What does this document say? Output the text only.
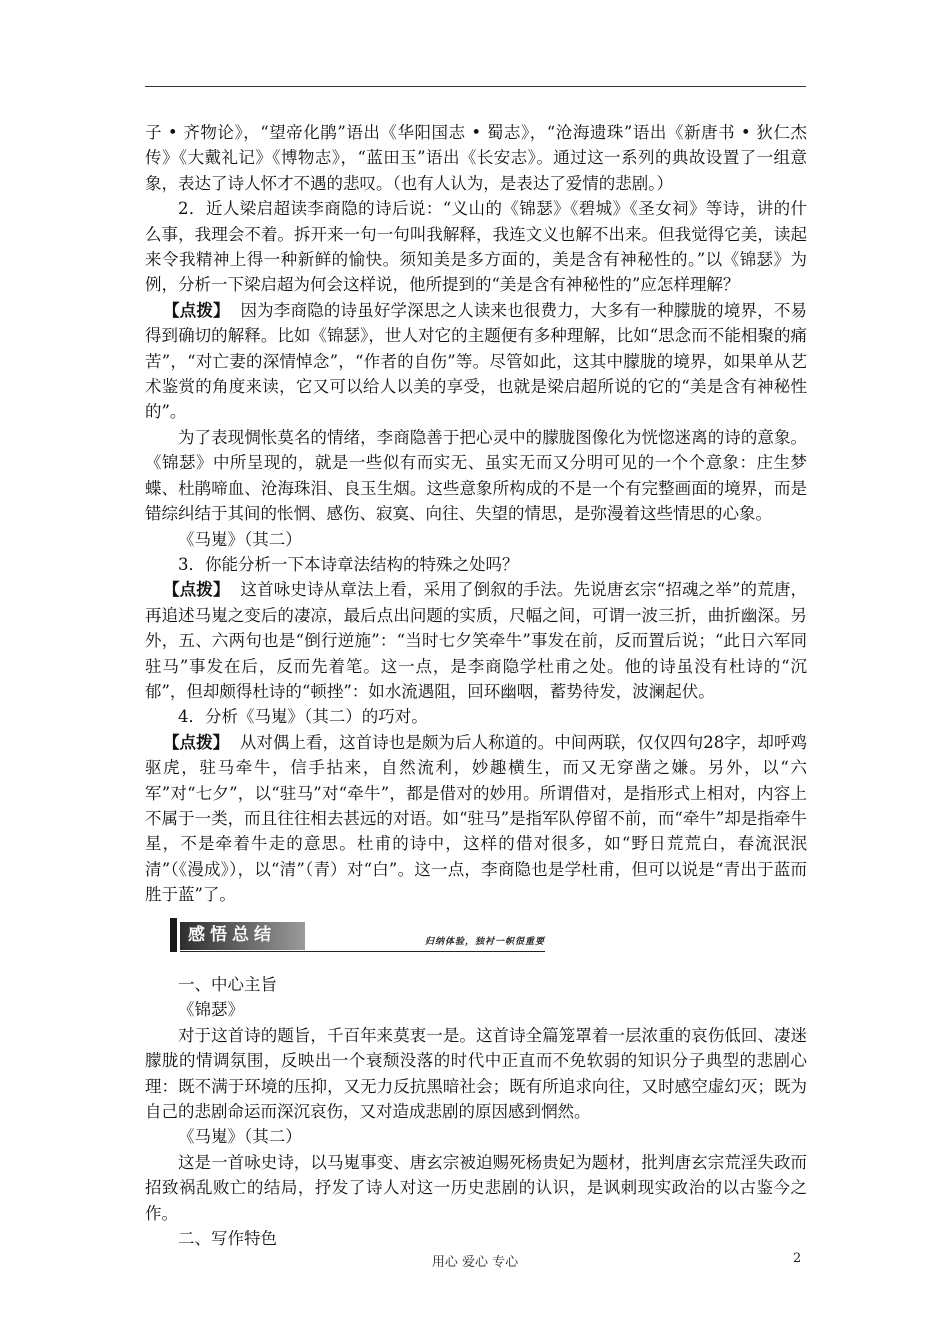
子 • 齐物论》，“望帝化鹃”语出《华阳国志 • 蜀志》，“沧海遗珠”语出《新唐书 • 狄仁杰传》《大戴礼记》《博物志》，“蓝田玉”语出《长安志》。通过这一系列的典故设置了一组意象，表达了诗人怀才不遇的悲叹。（也有人认为，是表达了爱情的悲剧。）

2．近人梁启超读李商隐的诗后说：“义山的《锦瑟》《碧城》《圣女祠》等诗，讲的什么事，我理会不着。拆开来一句一句叫我解释，我连文义也解不出来。但我觉得它美，读起来令我精神上得一种新鲜的愉快。须知美是多方面的，美是含有神秘性的。”以《锦瑟》为例，分析一下梁启超为何会这样说，他所提到的“美是含有神秘性的”应怎样理解？

【点拨】 因为李商隐的诗虽好学深思之人读来也很费力，大多有一种朦胧的境界，不易得到确切的解释。比如《锦瑟》，世人对它的主题便有多种理解，比如“思念而不能相聚的痛苦”，“对亡妻的深情悼念”，“作者的自伤”等。尽管如此，这其中朦胧的境界，如果单从艺术鉴赏的角度来读，它又可以给人以美的享受，也就是梁启超所说的它的“美是含有神秘性的”。

为了表现惆怅莫名的情绪，李商隐善于把心灵中的朦胧图像化为恍惚迷离的诗的意象。《锦瑟》中所呈现的，就是一些似有而实无、虽实无而又分明可见的一个个意象：庄生梦蝶、杜鹃啼血、沧海珠泪、良玉生烟。这些意象所构成的不是一个有完整画面的境界，而是错综纠结于其间的怅惘、感伤、寂寞、向往、失望的情思，是弥漫着这些情思的心象。

《马嵬》（其二）

3．你能分析一下本诗章法结构的特殊之处吗？

【点拨】 这首咏史诗从章法上看，采用了倒叙的手法。先说唐玄宗“招魂之举”的荒唐，再追述马嵬之变后的凄凉，最后点出问题的实质，尺幅之间，可谓一波三折，曲折幽深。另外，五、六两句也是“倒行逆施”：“当时七夕笑牵牛”事发在前，反而置后说；“此日六军同驻马”事发在后，反而先着笔。这一点，是李商隐学杜甫之处。他的诗虽没有杜诗的“沉郁”，但却颇得杜诗的“顿挫”：如水流遇阻，回环幽咽，蓄势待发，波澜起伏。

4．分析《马嵬》（其二）的巧对。

【点拨】 从对偶上看，这首诗也是颇为后人称道的。中间两联，仅仅四句28字，却呼鸡驱虎，驻马牵牛，信手拈来，自然流利，妙趣横生，而又无穿凿之嫌。另外，以“六军”对“七夕”，以“驻马”对“牵牛”，都是借对的妙用。所谓借对，是指形式上相对，内容上不属于一类，而且往往相去甚远的对语。如“驻马”是指军队停留不前，而“牵牛”却是指牵牛星，不是牵着牛走的意思。杜甫的诗中，这样的借对很多，如“野日荒荒白，春流泯泯清”（《漫成》），以“清”（青）对“白”。这一点，李商隐也是学杜甫，但可以说是“青出于蓝而胜于蓝”了。

感悟总结	归纳体验，独衬一帜很重要

一、中心主旨

《锦瑟》

对于这首诗的题旨，千百年来莫衷一是。这首诗全篇笼罩着一层浓重的哀伤低回、凄迷朦胧的情调氛围，反映出一个衰颓没落的时代中正直而不免软弱的知识分子典型的悲剧心理：既不满于环境的压抑，又无力反抗黑暗社会；既有所追求向往，又时感空虚幻灭；既为自己的悲剧命运而深沉哀伤，又对造成悲剧的原因感到惘然。

《马嵬》（其二）

这是一首咏史诗，以马嵬事变、唐玄宗被迫赐死杨贵妃为题材，批判唐玄宗荒淫失政而招致祸乱败亡的结局，抒发了诗人对这一历史悲剧的认识，是讽刺现实政治的以古鉴今之作。

二、写作特色

用心 爱心 专心	2
